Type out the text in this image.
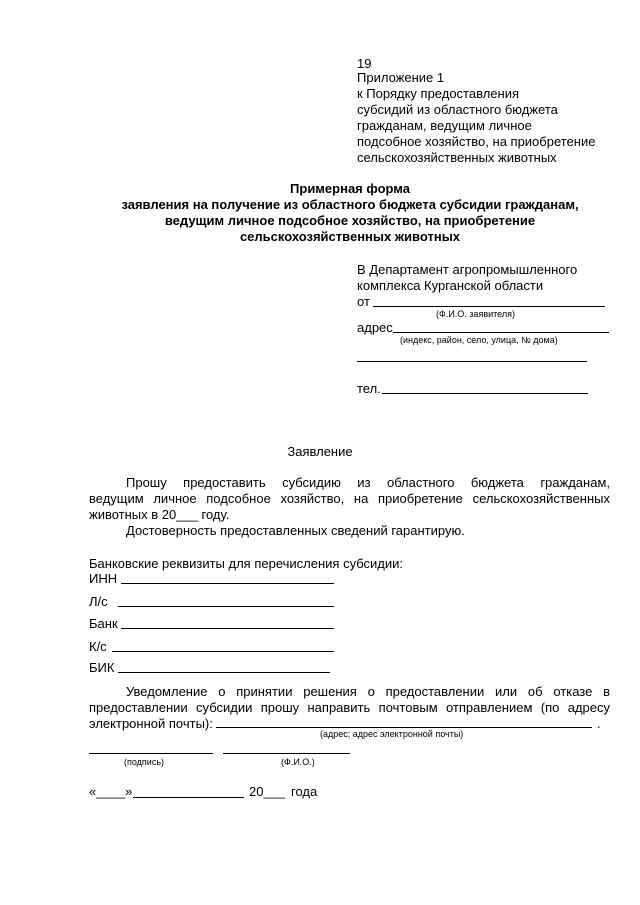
19
Приложение 1
к Порядку предоставления
субсидий из областного бюджета
гражданам, ведущим личное
подсобное хозяйство, на приобретение
сельскохозяйственных животных
Примерная форма
заявления на получение из областного бюджета субсидии гражданам,
ведущим личное подсобное хозяйство, на приобретение
сельскохозяйственных животных
В Департамент агропромышленного
комплекса Курганской области
от
(Ф.И.О. заявителя)
адрес
(индекс, район, село, улица, № дома)
тел.
Заявление
Прошу предоставить субсидию из областного бюджета гражданам,
ведущим личное подсобное хозяйство, на приобретение сельскохозяйственных
животных в 20___ году.
Достоверность предоставленных сведений гарантирую.
Банковские реквизиты для перечисления субсидии:
ИНН
Л/с
Банк
К/с
БИК
Уведомление о принятии решения о предоставлении или об отказе в
предоставлении субсидии прошу направить почтовым отправлением (по адресу
электронной почты):	.
(адрес; адрес электронной почты)
(подпись)	(Ф.И.О.)
«____»	20___ года
